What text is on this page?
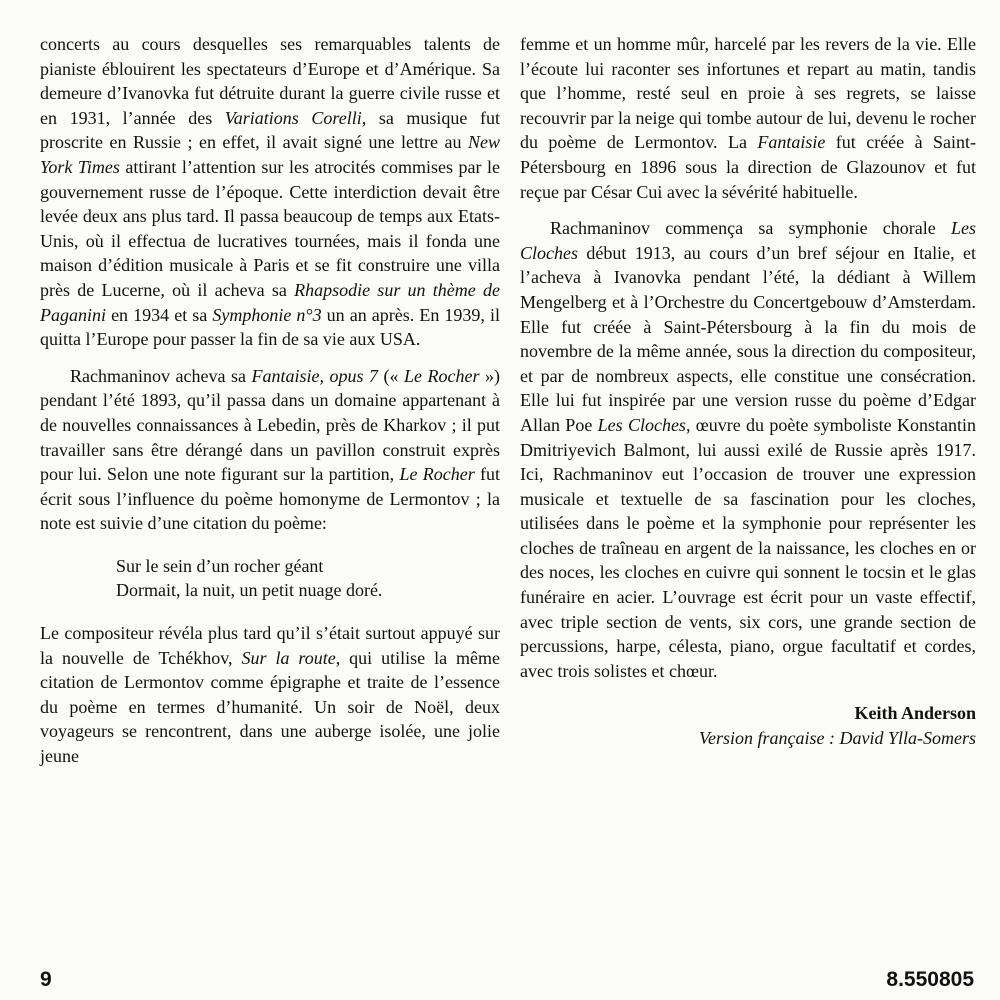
concerts au cours desquelles ses remarquables talents de pianiste éblouirent les spectateurs d’Europe et d’Amérique. Sa demeure d’Ivanovka fut détruite durant la guerre civile russe et en 1931, l’année des Variations Corelli, sa musique fut proscrite en Russie ; en effet, il avait signé une lettre au New York Times attirant l’attention sur les atrocités commises par le gouvernement russe de l’époque. Cette interdiction devait être levée deux ans plus tard. Il passa beaucoup de temps aux Etats-Unis, où il effectua de lucratives tournées, mais il fonda une maison d’édition musicale à Paris et se fit construire une villa près de Lucerne, où il acheva sa Rhapsodie sur un thème de Paganini en 1934 et sa Symphonie n°3 un an après. En 1939, il quitta l’Europe pour passer la fin de sa vie aux USA.

Rachmaninov acheva sa Fantaisie, opus 7 (« Le Rocher ») pendant l’été 1893, qu’il passa dans un domaine appartenant à de nouvelles connaissances à Lebedin, près de Kharkov ; il put travailler sans être dérangé dans un pavillon construit exprès pour lui. Selon une note figurant sur la partition, Le Rocher fut écrit sous l’influence du poème homonyme de Lermontov ; la note est suivie d’une citation du poème:

Sur le sein d’un rocher géant
Dormait, la nuit, un petit nuage doré.

Le compositeur révéla plus tard qu’il s’était surtout appuyé sur la nouvelle de Tchékhov, Sur la route, qui utilise la même citation de Lermontov comme épigraphe et traite de l’essence du poème en termes d’humanité. Un soir de Noël, deux voyageurs se rencontrent, dans une auberge isolée, une jolie jeune

femme et un homme mûr, harcelé par les revers de la vie. Elle l’écoute lui raconter ses infortunes et repart au matin, tandis que l’homme, resté seul en proie à ses regrets, se laisse recouvrir par la neige qui tombe autour de lui, devenu le rocher du poème de Lermontov. La Fantaisie fut créée à Saint-Pétersbourg en 1896 sous la direction de Glazounov et fut reçue par César Cui avec la sévérité habituelle.

Rachmaninov commença sa symphonie chorale Les Cloches début 1913, au cours d’un bref séjour en Italie, et l’acheva à Ivanovka pendant l’été, la dédiant à Willem Mengelberg et à l’Orchestre du Concertgebouw d’Amsterdam. Elle fut créée à Saint-Pétersbourg à la fin du mois de novembre de la même année, sous la direction du compositeur, et par de nombreux aspects, elle constitue une consécration. Elle lui fut inspirée par une version russe du poème d’Edgar Allan Poe Les Cloches, œuvre du poète symboliste Konstantin Dmitriyevich Balmont, lui aussi exilé de Russie après 1917. Ici, Rachmaninov eut l’occasion de trouver une expression musicale et textuelle de sa fascination pour les cloches, utilisées dans le poème et la symphonie pour représenter les cloches de traîneau en argent de la naissance, les cloches en or des noces, les cloches en cuivre qui sonnent le tocsin et le glas funéraire en acier. L’ouvrage est écrit pour un vaste effectif, avec triple section de vents, six cors, une grande section de percussions, harpe, célesta, piano, orgue facultatif et cordes, avec trois solistes et chœur.

Keith Anderson
Version française : David Ylla-Somers

9	8.550805
